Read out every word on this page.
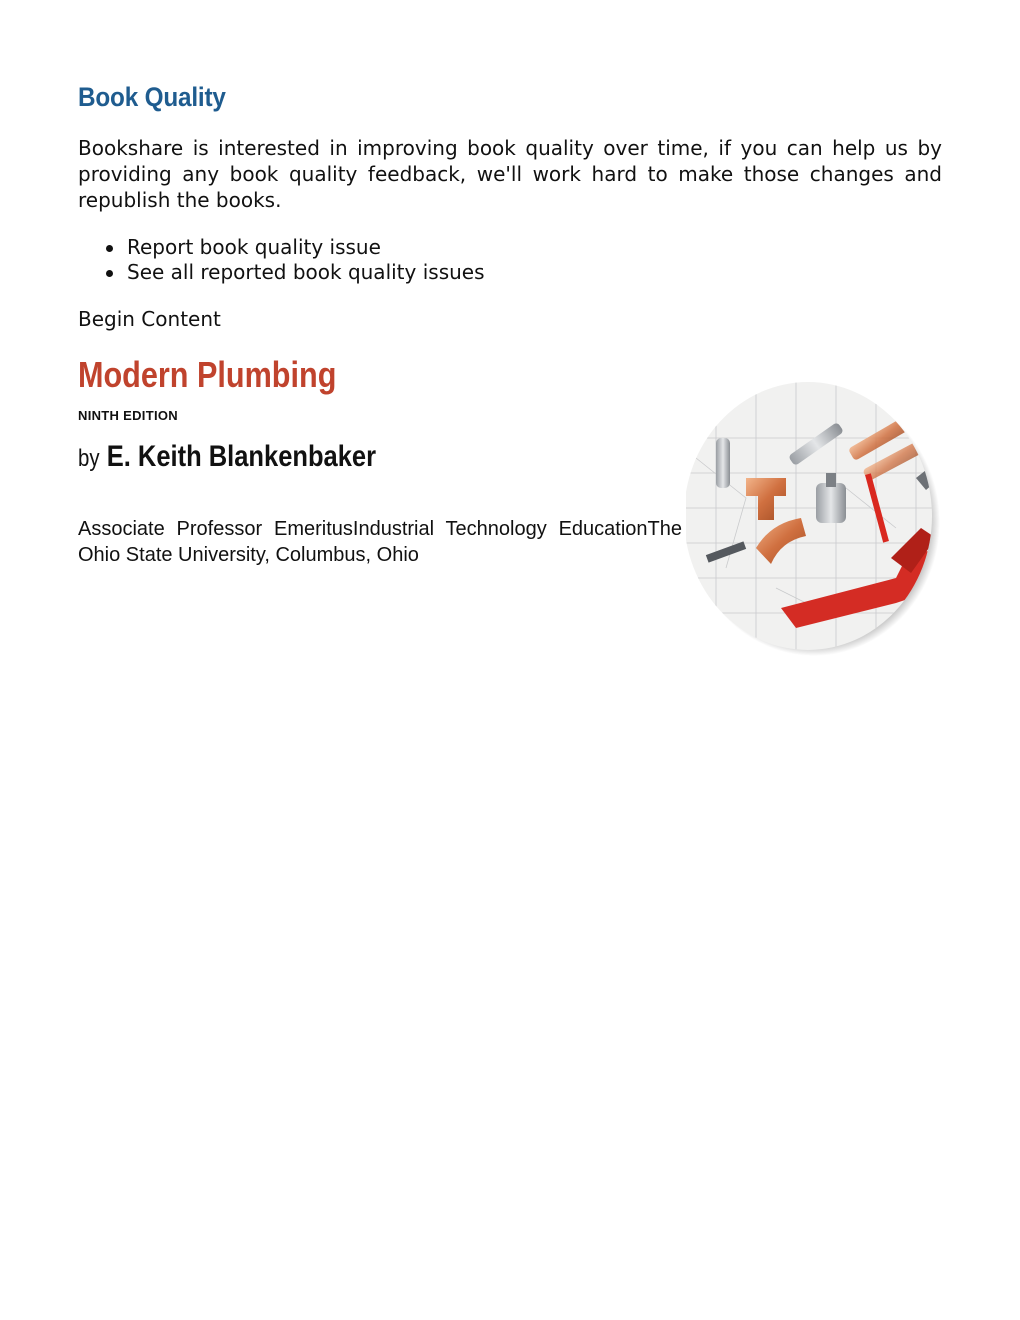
Book Quality

Bookshare is interested in improving book quality over time, if you can help us by providing any book quality feedback, we'll work hard to make those changes and republish the books.

Report book quality issue
See all reported book quality issues

Begin Content

Modern Plumbing

NINTH EDITION

by E. Keith Blankenbaker

Associate Professor EmeritusIndustrial Technology EducationThe Ohio State University, Columbus, Ohio
